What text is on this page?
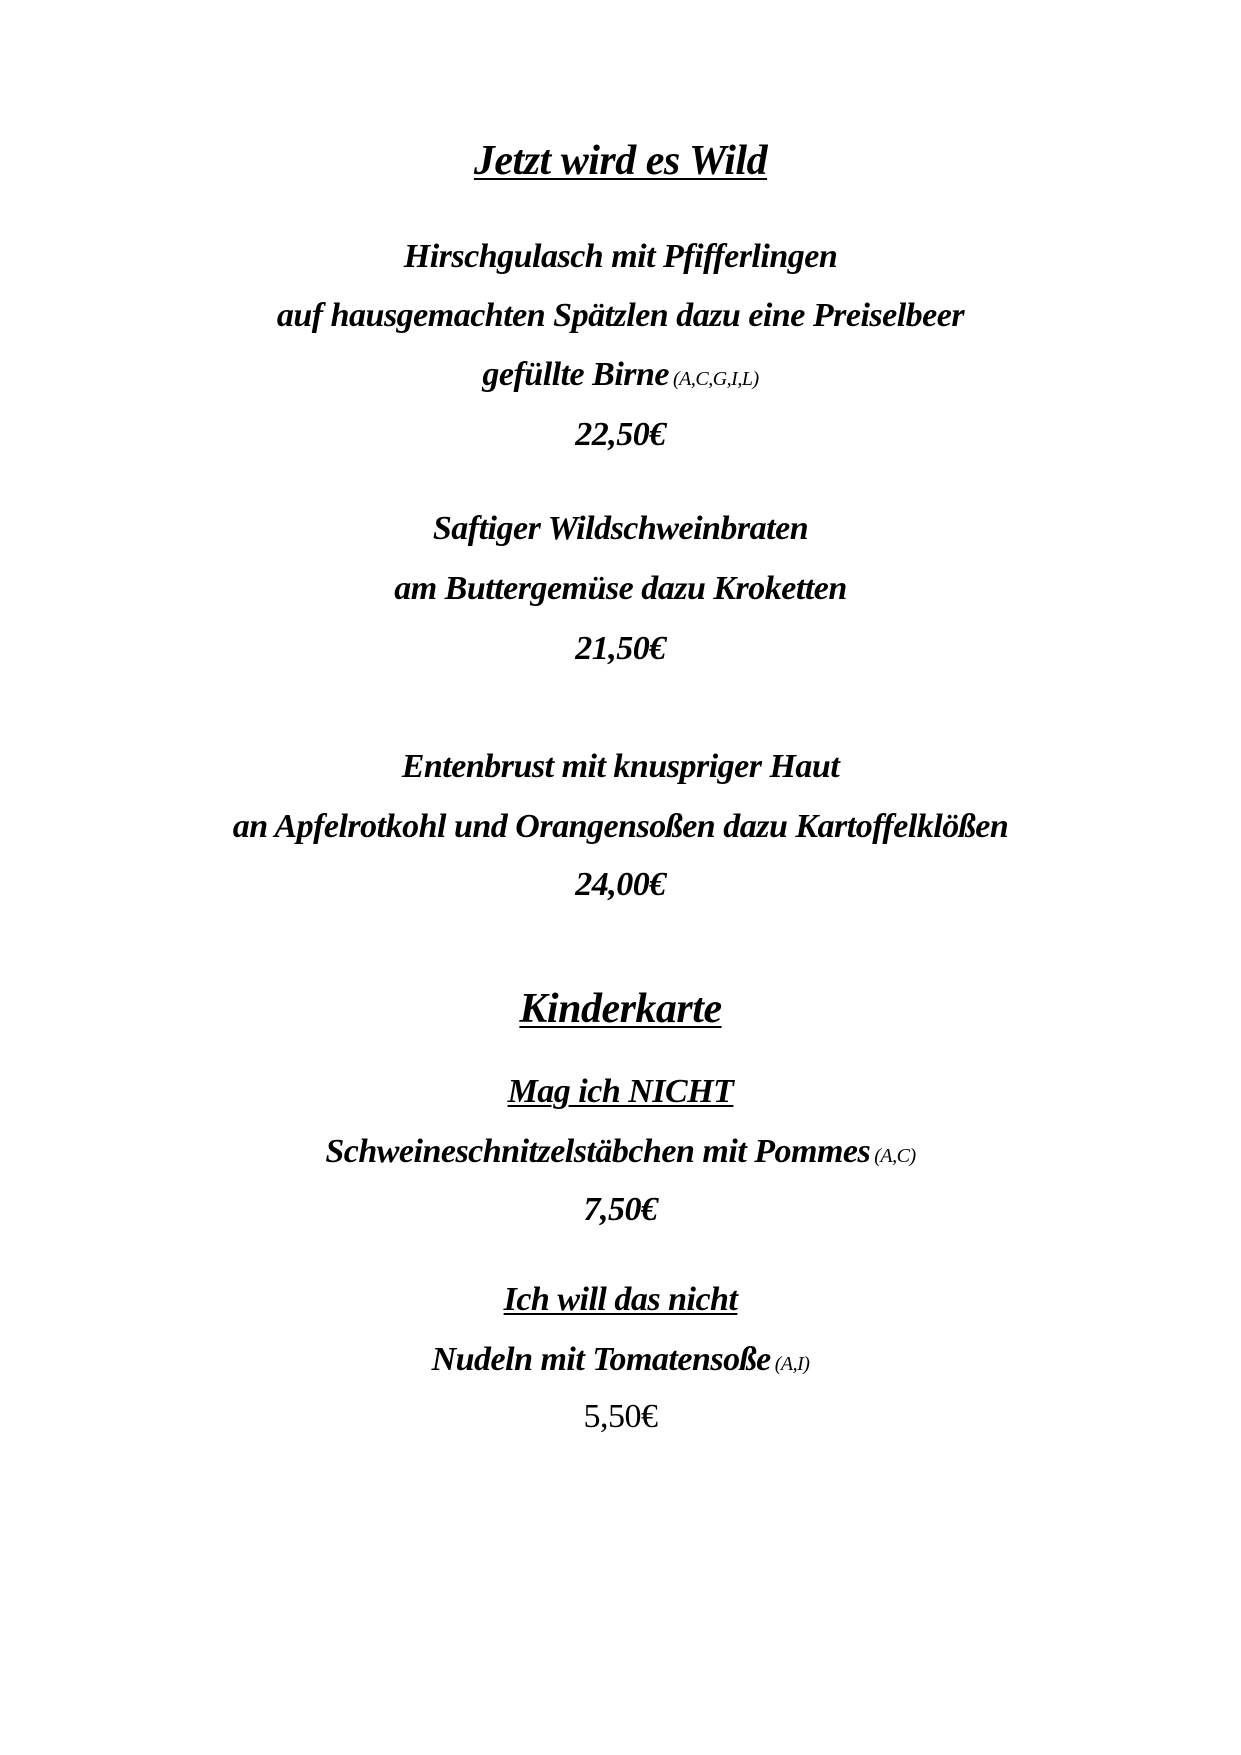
Jetzt wird es Wild
Hirschgulasch mit Pfifferlingen
auf hausgemachten Spätzlen dazu eine Preiselbeer
gefüllte Birne (A,C,G,I,L)
22,50€
Saftiger Wildschweinbraten
am Buttergemüse dazu Kroketten
21,50€
Entenbrust mit knuspriger Haut
an Apfelrotkohl und Orangensoßen dazu Kartoffelklößen
24,00€
Kinderkarte
Mag ich NICHT
Schweineschnitzelstäbchen mit Pommes (A,C)
7,50€
Ich will das nicht
Nudeln mit Tomatensoße (A,I)
5,50€
